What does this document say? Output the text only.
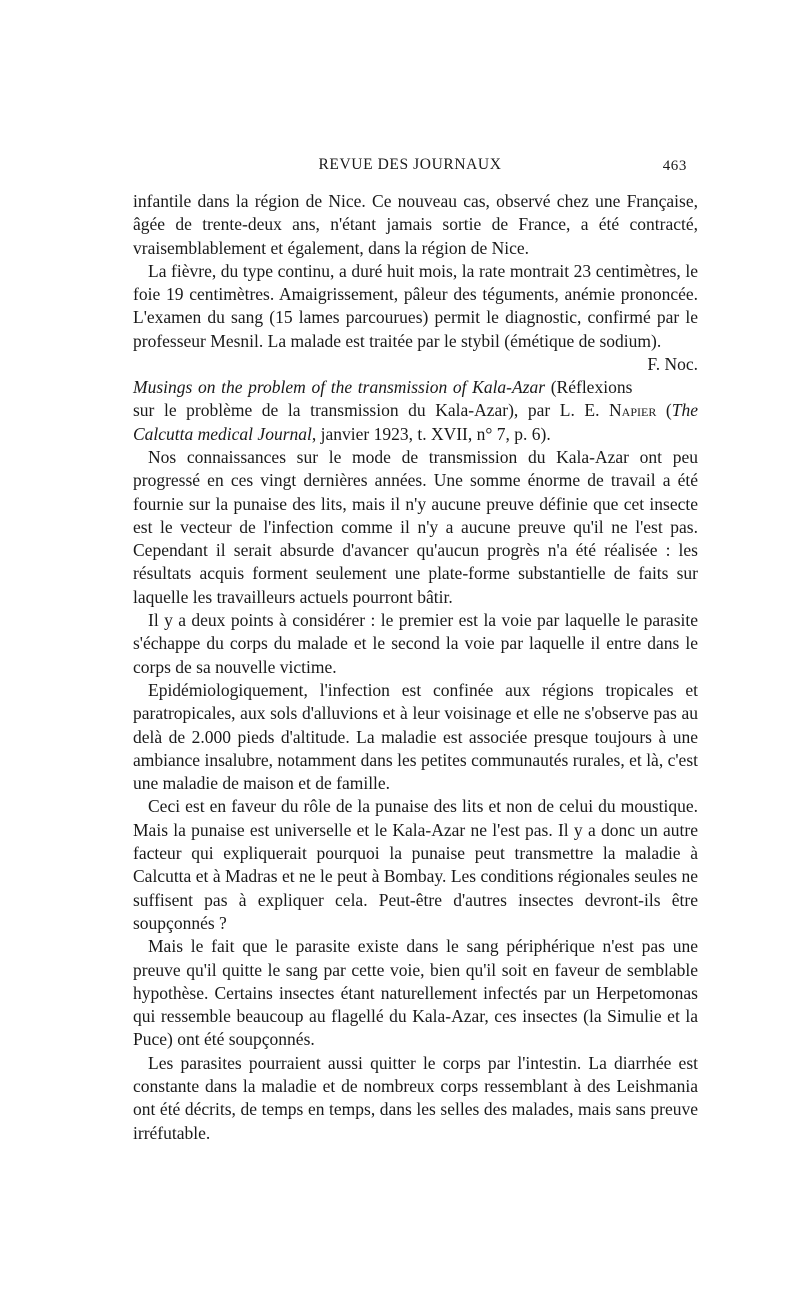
REVUE DES JOURNAUX	463

infantile dans la région de Nice. Ce nouveau cas, observé chez une Française, âgée de trente-deux ans, n'étant jamais sortie de France, a été contracté, vraisemblablement et également, dans la région de Nice.

La fièvre, du type continu, a duré huit mois, la rate montrait 23 centimètres, le foie 19 centimètres. Amaigrissement, pâleur des téguments, anémie prononcée. L'examen du sang (15 lames parcourues) permit le diagnostic, confirmé par le professeur Mesnil. La malade est traitée par le stybil (émétique de sodium).
F. Noc.

Musings on the problem of the transmission of Kala-Azar (Réflexions sur le problème de la transmission du Kala-Azar), par L. E. Napier (The Calcutta medical Journal, janvier 1923, t. XVII, n° 7, p. 6).

Nos connaissances sur le mode de transmission du Kala-Azar ont peu progressé en ces vingt dernières années. Une somme énorme de travail a été fournie sur la punaise des lits, mais il n'y aucune preuve définie que cet insecte est le vecteur de l'infection comme il n'y a aucune preuve qu'il ne l'est pas. Cependant il serait absurde d'avancer qu'aucun progrès n'a été réalisée : les résultats acquis forment seulement une plate-forme substantielle de faits sur laquelle les travailleurs actuels pourront bâtir.

Il y a deux points à considérer : le premier est la voie par laquelle le parasite s'échappe du corps du malade et le second la voie par laquelle il entre dans le corps de sa nouvelle victime.

Epidémiologiquement, l'infection est confinée aux régions tropicales et paratropicales, aux sols d'alluvions et à leur voisinage et elle ne s'observe pas au delà de 2.000 pieds d'altitude. La maladie est associée presque toujours à une ambiance insalubre, notamment dans les petites communautés rurales, et là, c'est une maladie de maison et de famille.

Ceci est en faveur du rôle de la punaise des lits et non de celui du moustique. Mais la punaise est universelle et le Kala-Azar ne l'est pas. Il y a donc un autre facteur qui expliquerait pourquoi la punaise peut transmettre la maladie à Calcutta et à Madras et ne le peut à Bombay. Les conditions régionales seules ne suffisent pas à expliquer cela. Peut-être d'autres insectes devront-ils être soupçonnés ?

Mais le fait que le parasite existe dans le sang périphérique n'est pas une preuve qu'il quitte le sang par cette voie, bien qu'il soit en faveur de semblable hypothèse. Certains insectes étant naturellement infectés par un Herpetomonas qui ressemble beaucoup au flagellé du Kala-Azar, ces insectes (la Simulie et la Puce) ont été soupçonnés.

Les parasites pourraient aussi quitter le corps par l'intestin. La diarrhée est constante dans la maladie et de nombreux corps ressemblant à des Leishmania ont été décrits, de temps en temps, dans les selles des malades, mais sans preuve irréfutable.
